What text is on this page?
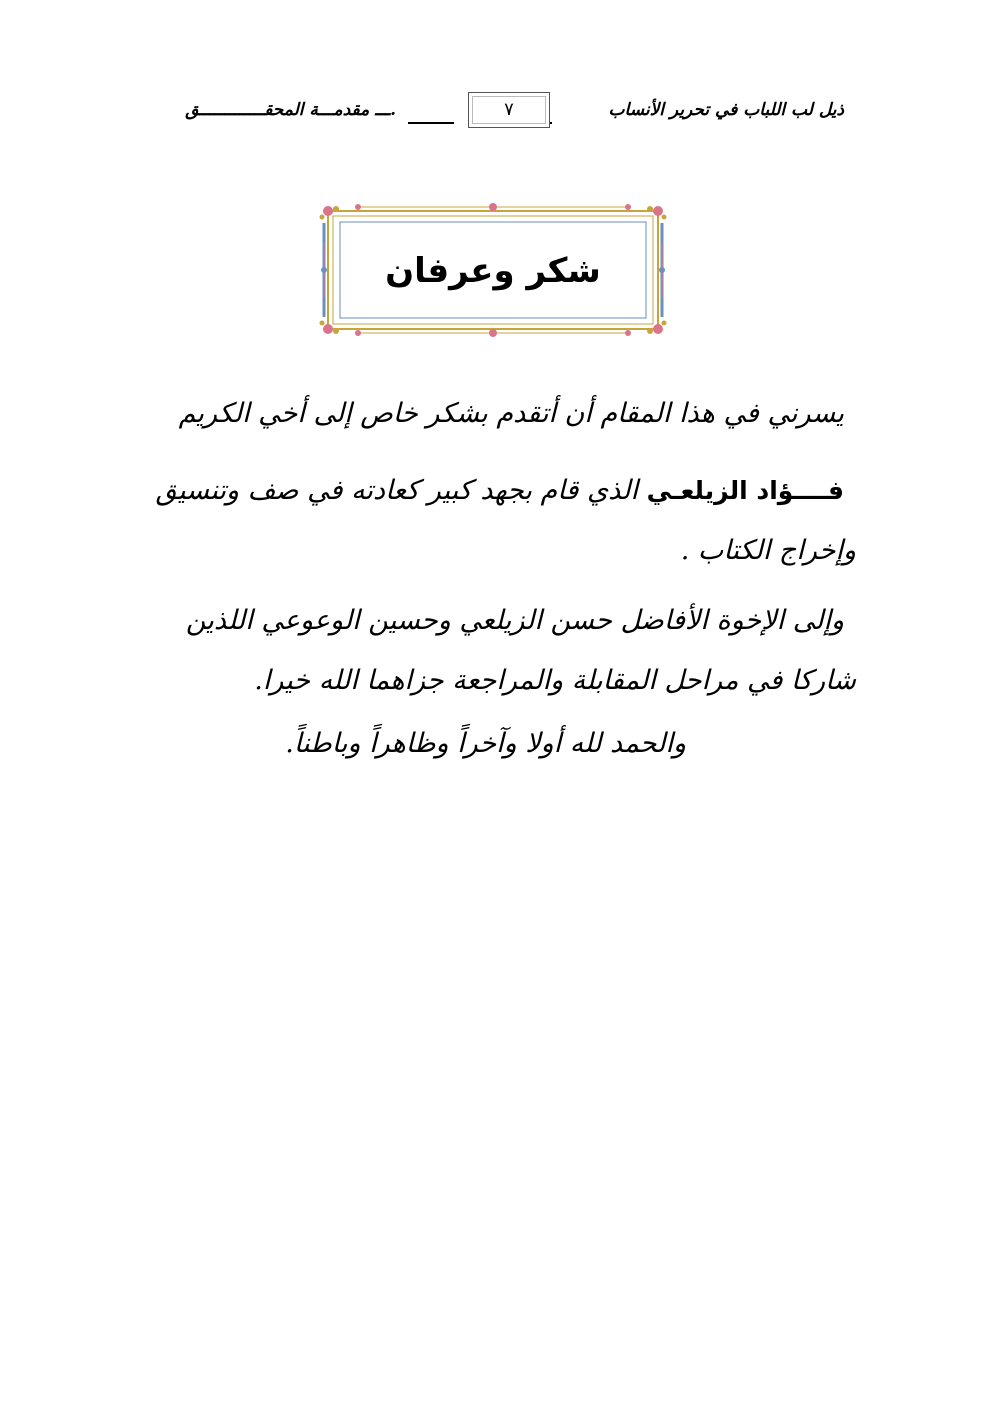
ذيل لب اللباب في تحرير الأنساب
٧
.ـــ مقدمـــة المحقـــــــــــــق
شكر وعرفان
يسرني في هذا المقام أن أتقدم بشكر خاص إلى أخي الكريم
فــــؤاد الزيلعـي الذي قام بجهد كبير كعادته في صف وتنسيق
وإخراج الكتاب .
وإلى الإخوة الأفاضل حسن الزيلعي وحسين الوعوعي اللذين
شاركا في مراحل المقابلة والمراجعة جزاهما الله خيرا.
والحمد لله أولا وآخراً وظاهراً وباطناً.
